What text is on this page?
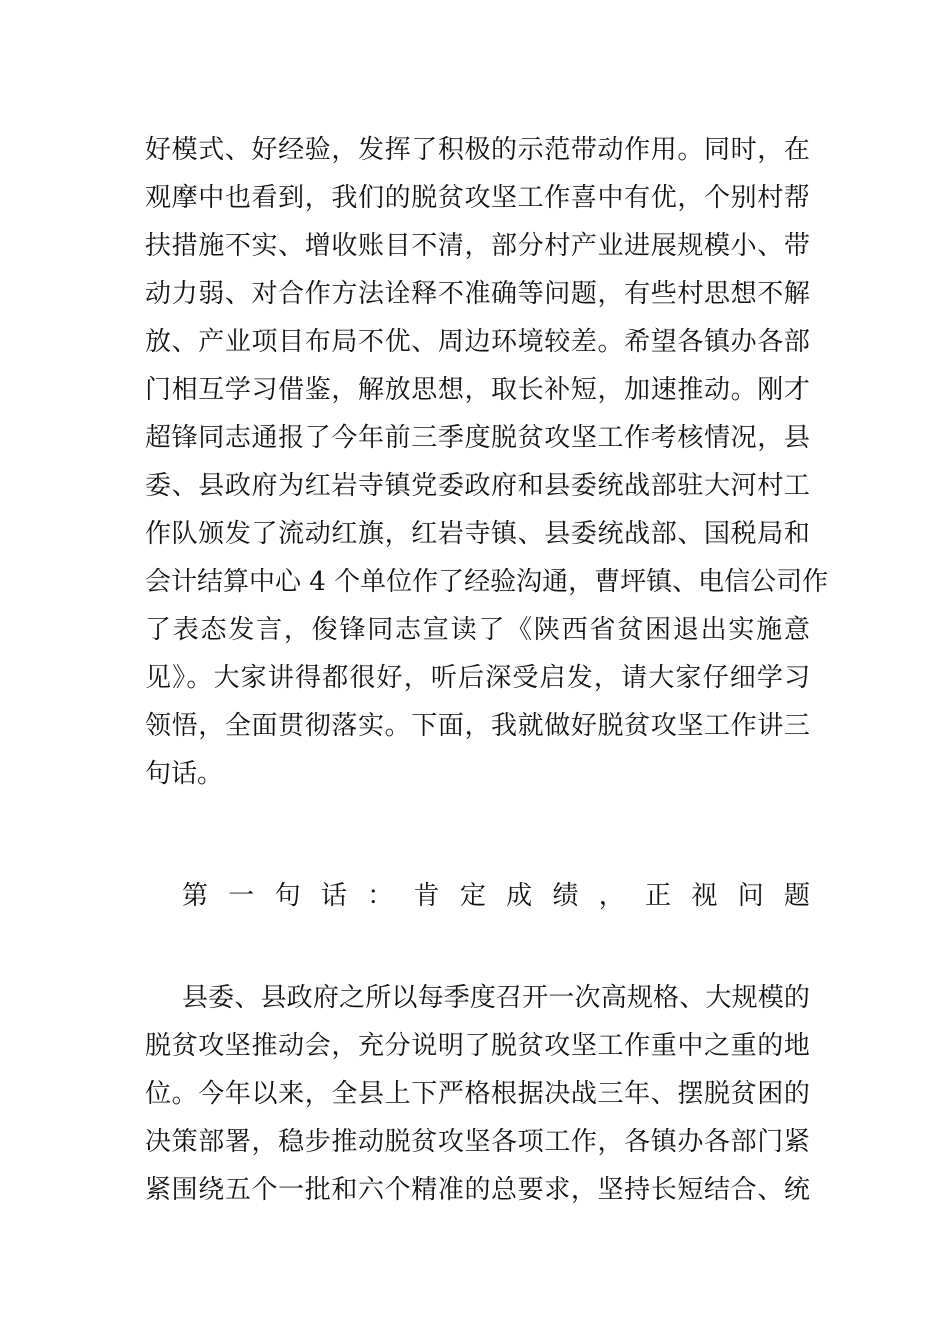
好模式、好经验，发挥了积极的示范带动作用。同时，在
观摩中也看到，我们的脱贫攻坚工作喜中有优，个别村帮
扶措施不实、增收账目不清，部分村产业进展规模小、带
动力弱、对合作方法诠释不准确等问题，有些村思想不解
放、产业项目布局不优、周边环境较差。希望各镇办各部
门相互学习借鉴，解放思想，取长补短，加速推动。刚才
超锋同志通报了今年前三季度脱贫攻坚工作考核情况，县
委、县政府为红岩寺镇党委政府和县委统战部驻大河村工
作队颁发了流动红旗，红岩寺镇、县委统战部、国税局和
会计结算中心 4 个单位作了经验沟通，曹坪镇、电信公司作
了表态发言，俊锋同志宣读了《陕西省贫困退出实施意
见》。大家讲得都很好，听后深受启发，请大家仔细学习
领悟，全面贯彻落实。下面，我就做好脱贫攻坚工作讲三
句话。
第一句话：肯定成绩，正视问题
县委、县政府之所以每季度召开一次高规格、大规模的
脱贫攻坚推动会，充分说明了脱贫攻坚工作重中之重的地
位。今年以来，全县上下严格根据决战三年、摆脱贫困的
决策部署，稳步推动脱贫攻坚各项工作，各镇办各部门紧
紧围绕五个一批和六个精准的总要求，坚持长短结合、统
